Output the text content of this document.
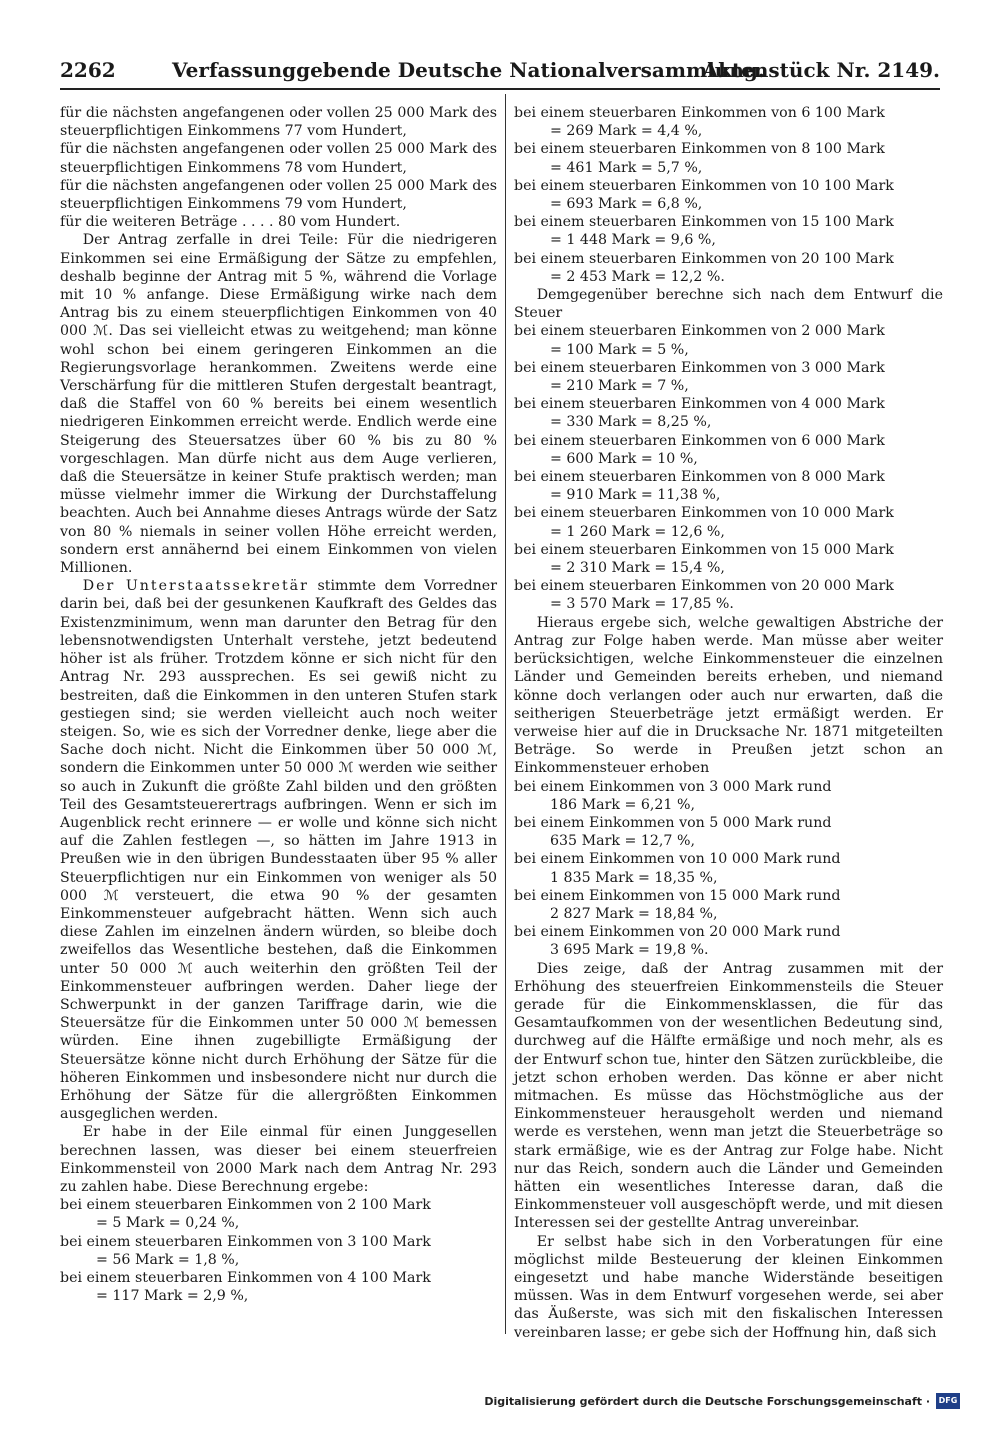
2262	Verfassunggebende Deutsche Nationalversammlung.
Aktenstück Nr. 2149.

für die nächsten angefangenen oder vollen 25 000 Mark des steuerpflichtigen Einkommens 77 vom Hundert,

für die nächsten angefangenen oder vollen 25 000 Mark des steuerpflichtigen Einkommens 78 vom Hundert,

für die nächsten angefangenen oder vollen 25 000 Mark des steuerpflichtigen Einkommens 79 vom Hundert,

für die weiteren Beträge . . . . 80 vom Hundert.

Der Antrag zerfalle in drei Teile: Für die niedrigeren Einkommen sei eine Ermäßigung der Sätze zu empfehlen, deshalb beginne der Antrag mit 5 %, während die Vorlage mit 10 % anfange. Diese Ermäßigung wirke nach dem Antrag bis zu einem steuerpflichtigen Einkommen von 40 000 ℳ. Das sei vielleicht etwas zu weitgehend; man könne wohl schon bei einem geringeren Einkommen an die Regierungsvorlage herankommen. Zweitens werde eine Verschärfung für die mittleren Stufen dergestalt beantragt, daß die Staffel von 60 % bereits bei einem wesentlich niedrigeren Einkommen erreicht werde. Endlich werde eine Steigerung des Steuersatzes über 60 % bis zu 80 % vorgeschlagen. Man dürfe nicht aus dem Auge verlieren, daß die Steuersätze in keiner Stufe praktisch werden; man müsse vielmehr immer die Wirkung der Durchstaffelung beachten. Auch bei Annahme dieses Antrags würde der Satz von 80 % niemals in seiner vollen Höhe erreicht werden, sondern erst annähernd bei einem Einkommen von vielen Millionen.

Der Unterstaatssekretär stimmte dem Vorredner darin bei, daß bei der gesunkenen Kaufkraft des Geldes das Existenzminimum, wenn man darunter den Betrag für den lebensnotwendigsten Unterhalt verstehe, jetzt bedeutend höher ist als früher. Trotzdem könne er sich nicht für den Antrag Nr. 293 aussprechen. Es sei gewiß nicht zu bestreiten, daß die Einkommen in den unteren Stufen stark gestiegen sind; sie werden vielleicht auch noch weiter steigen. So, wie es sich der Vorredner denke, liege aber die Sache doch nicht. Nicht die Einkommen über 50 000 ℳ, sondern die Einkommen unter 50 000 ℳ werden wie seither so auch in Zukunft die größte Zahl bilden und den größten Teil des Gesamtsteuerertrags aufbringen. Wenn er sich im Augenblick recht erinnere — er wolle und könne sich nicht auf die Zahlen festlegen —, so hätten im Jahre 1913 in Preußen wie in den übrigen Bundesstaaten über 95 % aller Steuerpflichtigen nur ein Einkommen von weniger als 50 000 ℳ versteuert, die etwa 90 % der gesamten Einkommensteuer aufgebracht hätten. Wenn sich auch diese Zahlen im einzelnen ändern würden, so bleibe doch zweifellos das Wesentliche bestehen, daß die Einkommen unter 50 000 ℳ auch weiterhin den größten Teil der Einkommensteuer aufbringen werden. Daher liege der Schwerpunkt in der ganzen Tariffrage darin, wie die Steuersätze für die Einkommen unter 50 000 ℳ bemessen würden. Eine ihnen zugebilligte Ermäßigung der Steuersätze könne nicht durch Erhöhung der Sätze für die höheren Einkommen und insbesondere nicht nur durch die Erhöhung der Sätze für die allergrößten Einkommen ausgeglichen werden.

Er habe in der Eile einmal für einen Junggesellen berechnen lassen, was dieser bei einem steuerfreien Einkommensteil von 2000 Mark nach dem Antrag Nr. 293 zu zahlen habe. Diese Berechnung ergebe:

bei einem steuerbaren Einkommen von 2 100 Mark
= 5 Mark = 0,24 %,
bei einem steuerbaren Einkommen von 3 100 Mark
= 56 Mark = 1,8 %,
bei einem steuerbaren Einkommen von 4 100 Mark
= 117 Mark = 2,9 %,
bei einem steuerbaren Einkommen von 6 100 Mark
= 269 Mark = 4,4 %,
bei einem steuerbaren Einkommen von 8 100 Mark
= 461 Mark = 5,7 %,
bei einem steuerbaren Einkommen von 10 100 Mark
= 693 Mark = 6,8 %,
bei einem steuerbaren Einkommen von 15 100 Mark
= 1 448 Mark = 9,6 %,
bei einem steuerbaren Einkommen von 20 100 Mark
= 2 453 Mark = 12,2 %.

Demgegenüber berechne sich nach dem Entwurf die Steuer

bei einem steuerbaren Einkommen von 2 000 Mark
= 100 Mark = 5 %,
bei einem steuerbaren Einkommen von 3 000 Mark
= 210 Mark = 7 %,
bei einem steuerbaren Einkommen von 4 000 Mark
= 330 Mark = 8,25 %,
bei einem steuerbaren Einkommen von 6 000 Mark
= 600 Mark = 10 %,
bei einem steuerbaren Einkommen von 8 000 Mark
= 910 Mark = 11,38 %,
bei einem steuerbaren Einkommen von 10 000 Mark
= 1 260 Mark = 12,6 %,
bei einem steuerbaren Einkommen von 15 000 Mark
= 2 310 Mark = 15,4 %,
bei einem steuerbaren Einkommen von 20 000 Mark
= 3 570 Mark = 17,85 %.

Hieraus ergebe sich, welche gewaltigen Abstriche der Antrag zur Folge haben werde. Man müsse aber weiter berücksichtigen, welche Einkommensteuer die einzelnen Länder und Gemeinden bereits erheben, und niemand könne doch verlangen oder auch nur erwarten, daß die seitherigen Steuerbeträge jetzt ermäßigt werden. Er verweise hier auf die in Drucksache Nr. 1871 mitgeteilten Beträge. So werde in Preußen jetzt schon an Einkommensteuer erhoben

bei einem Einkommen von 3 000 Mark rund
186 Mark = 6,21 %,
bei einem Einkommen von 5 000 Mark rund
635 Mark = 12,7 %,
bei einem Einkommen von 10 000 Mark rund
1 835 Mark = 18,35 %,
bei einem Einkommen von 15 000 Mark rund
2 827 Mark = 18,84 %,
bei einem Einkommen von 20 000 Mark rund
3 695 Mark = 19,8 %.

Dies zeige, daß der Antrag zusammen mit der Erhöhung des steuerfreien Einkommensteils die Steuer gerade für die Einkommensklassen, die für das Gesamtaufkommen von der wesentlichen Bedeutung sind, durchweg auf die Hälfte ermäßige und noch mehr, als es der Entwurf schon tue, hinter den Sätzen zurückbleibe, die jetzt schon erhoben werden. Das könne er aber nicht mitmachen. Es müsse das Höchstmögliche aus der Einkommensteuer herausgeholt werden und niemand werde es verstehen, wenn man jetzt die Steuerbeträge so stark ermäßige, wie es der Antrag zur Folge habe. Nicht nur das Reich, sondern auch die Länder und Gemeinden hätten ein wesentliches Interesse daran, daß die Einkommensteuer voll ausgeschöpft werde, und mit diesen Interessen sei der gestellte Antrag unvereinbar.

Er selbst habe sich in den Vorberatungen für eine möglichst milde Besteuerung der kleinen Einkommen eingesetzt und habe manche Widerstände beseitigen müssen. Was in dem Entwurf vorgesehen werde, sei aber das Äußerste, was sich mit den fiskalischen Interessen vereinbaren lasse; er gebe sich der Hoffnung hin, daß sich

Digitalisierung gefördert durch die Deutsche Forschungsgemeinschaft ·	DFG
